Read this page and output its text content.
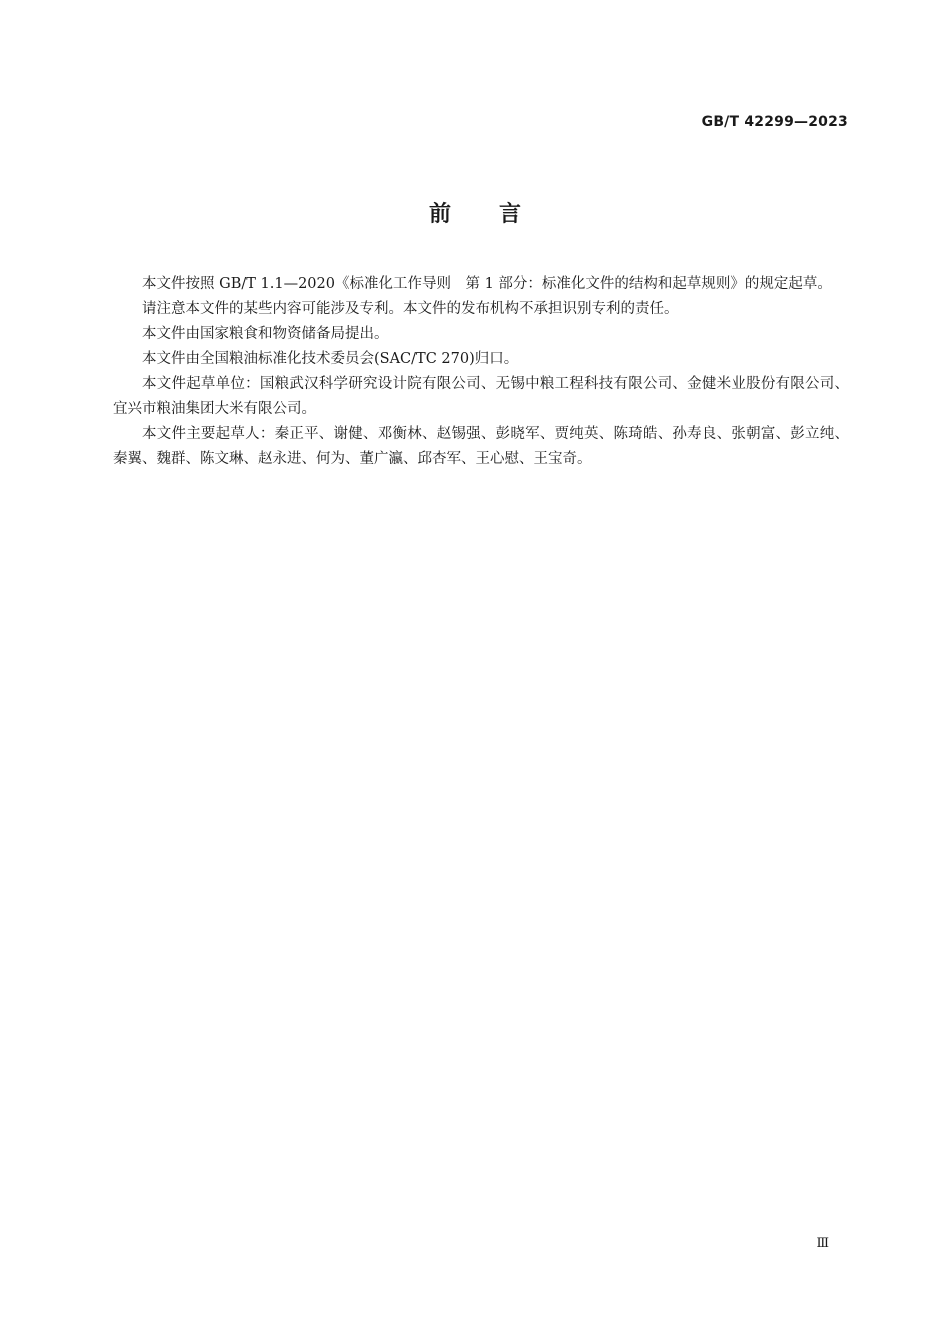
GB/T 42299—2023
前言

本文件按照 GB/T 1.1—2020《标准化工作导则　第 1 部分：标准化文件的结构和起草规则》的规定起草。

请注意本文件的某些内容可能涉及专利。本文件的发布机构不承担识别专利的责任。

本文件由国家粮食和物资储备局提出。

本文件由全国粮油标准化技术委员会(SAC/TC 270)归口。

本文件起草单位：国粮武汉科学研究设计院有限公司、无锡中粮工程科技有限公司、金健米业股份有限公司、宜兴市粮油集团大米有限公司。

本文件主要起草人：秦正平、谢健、邓衡林、赵锡强、彭晓军、贾纯英、陈琦皓、孙寿良、张朝富、彭立纯、秦翼、魏群、陈文琳、赵永进、何为、董广瀛、邱杏军、王心慰、王宝奇。

Ⅲ
